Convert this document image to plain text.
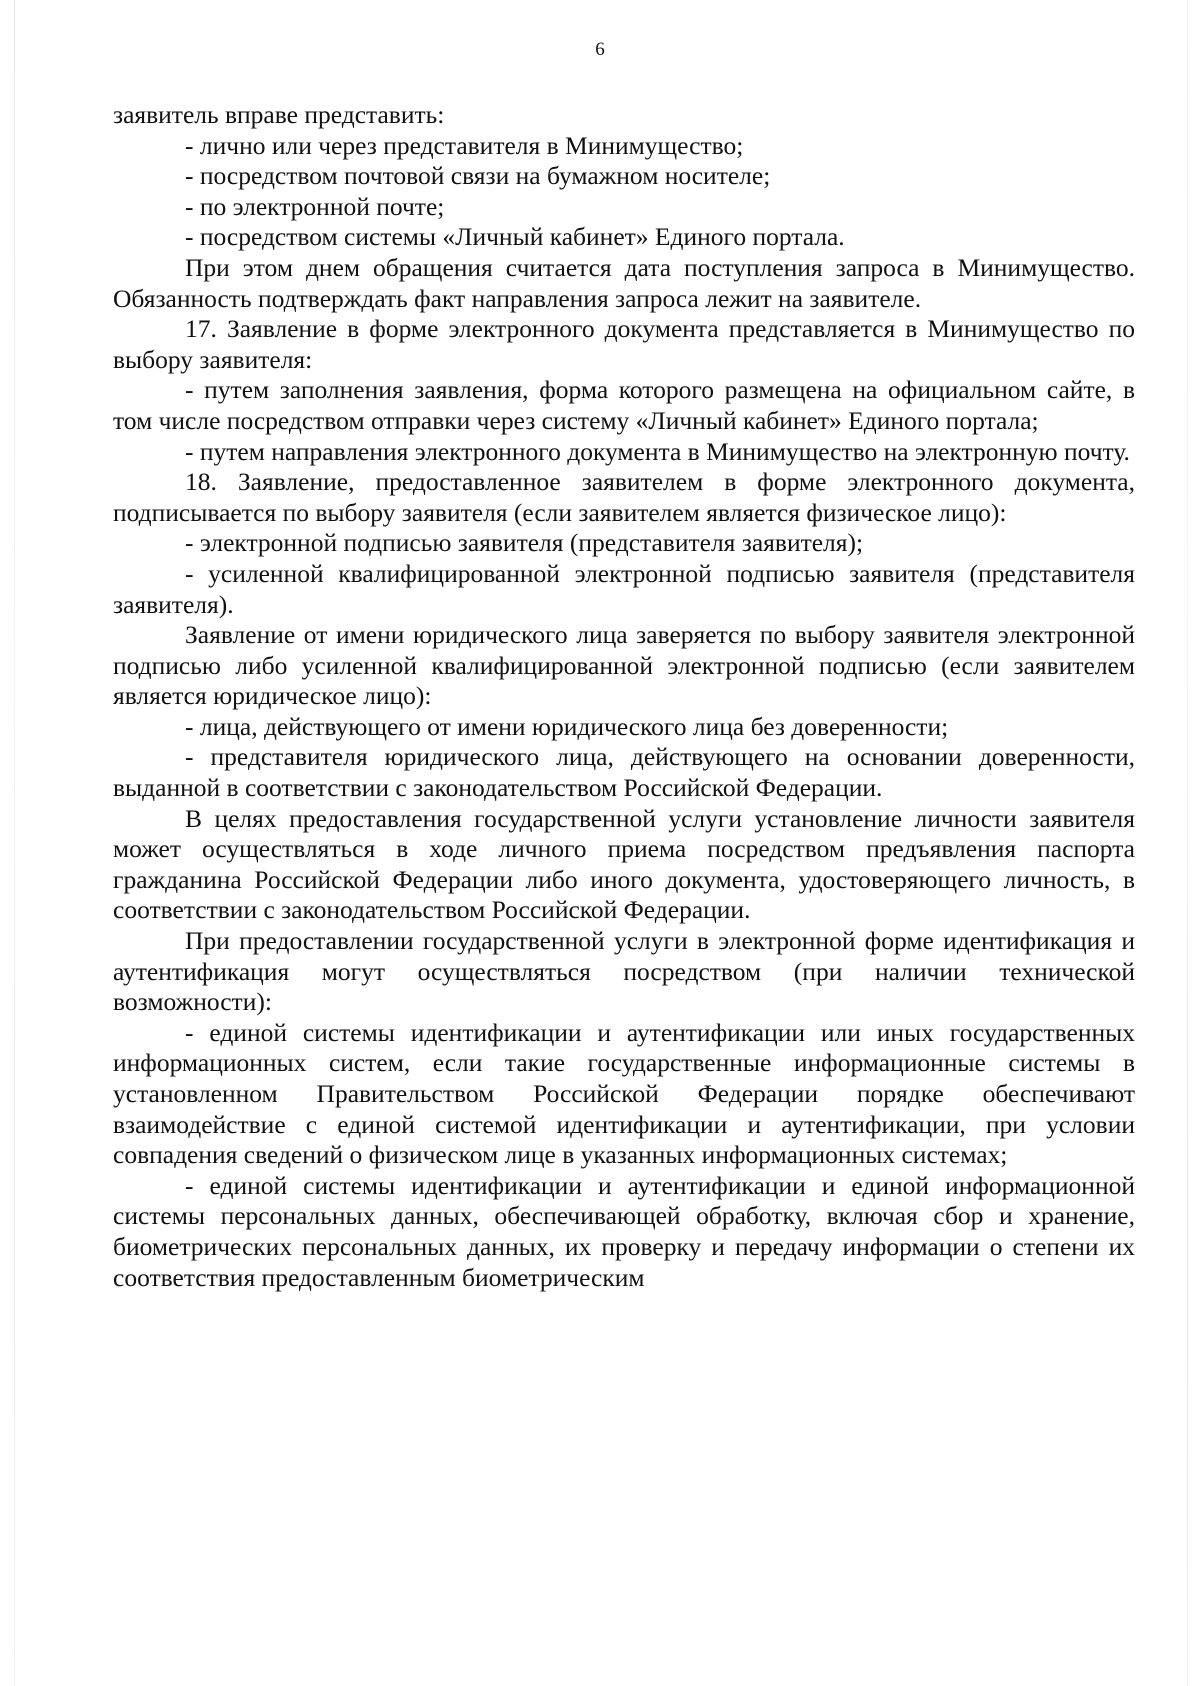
6

заявитель вправе представить:

- лично или через представителя в Минимущество;

- посредством почтовой связи на бумажном носителе;

- по электронной почте;

- посредством системы «Личный кабинет» Единого портала.

При этом днем обращения считается дата поступления запроса в Минимущество. Обязанность подтверждать факт направления запроса лежит на заявителе.

17. Заявление в форме электронного документа представляется в Минимущество по выбору заявителя:

- путем заполнения заявления, форма которого размещена на официальном сайте, в том числе посредством отправки через систему «Личный кабинет» Единого портала;

- путем направления электронного документа в Минимущество на электронную почту.

18. Заявление, предоставленное заявителем в форме электронного документа, подписывается по выбору заявителя (если заявителем является физическое лицо):

- электронной подписью заявителя (представителя заявителя);

- усиленной квалифицированной электронной подписью заявителя (представителя заявителя).

Заявление от имени юридического лица заверяется по выбору заявителя электронной подписью либо усиленной квалифицированной электронной подписью (если заявителем является юридическое лицо):

- лица, действующего от имени юридического лица без доверенности;

- представителя юридического лица, действующего на основании доверенности, выданной в соответствии с законодательством Российской Федерации.

В целях предоставления государственной услуги установление личности заявителя может осуществляться в ходе личного приема посредством предъявления паспорта гражданина Российской Федерации либо иного документа, удостоверяющего личность, в соответствии с законодательством Российской Федерации.

При предоставлении государственной услуги в электронной форме идентификация и аутентификация могут осуществляться посредством (при наличии технической возможности):

- единой системы идентификации и аутентификации или иных государственных информационных систем, если такие государственные информационные системы в установленном Правительством Российской Федерации порядке обеспечивают взаимодействие с единой системой идентификации и аутентификации, при условии совпадения сведений о физическом лице в указанных информационных системах;

- единой системы идентификации и аутентификации и единой информационной системы персональных данных, обеспечивающей обработку, включая сбор и хранение, биометрических персональных данных, их проверку и передачу информации о степени их соответствия предоставленным биометрическим
